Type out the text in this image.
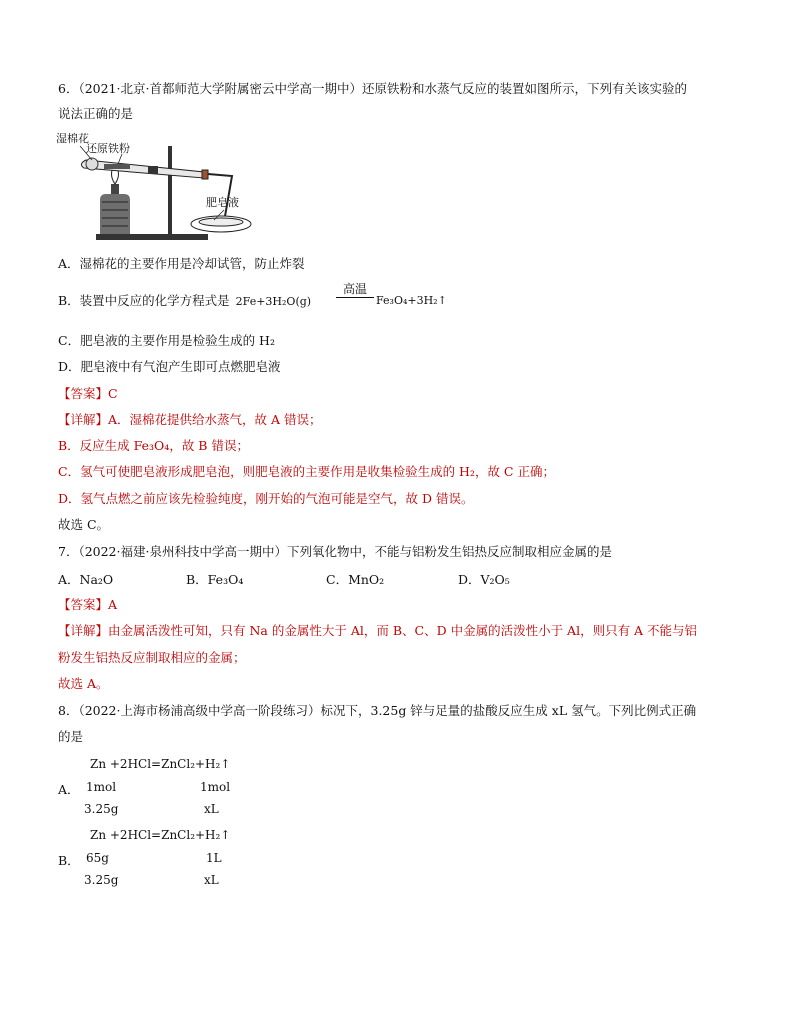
6．（2021·北京·首都师范大学附属密云中学高一期中）还原铁粉和水蒸气反应的装置如图所示，下列有关该实验的
说法正确的是
湿棉花
还原铁粉
肥皂液
A．湿棉花的主要作用是冷却试管，防止炸裂
B．装置中反应的化学方程式是 2Fe+3H₂O(g)
高温
Fe₃O₄+3H₂↑
C．肥皂液的主要作用是检验生成的 H₂
D．肥皂液中有气泡产生即可点燃肥皂液
【答案】C
【详解】A．湿棉花提供给水蒸气，故 A 错误；
B．反应生成 Fe₃O₄，故 B 错误；
C．氢气可使肥皂液形成肥皂泡，则肥皂液的主要作用是收集检验生成的 H₂，故 C 正确；
D．氢气点燃之前应该先检验纯度，刚开始的气泡可能是空气，故 D 错误。
故选 C。
7．（2022·福建·泉州科技中学高一期中）下列氧化物中，不能与铝粉发生铝热反应制取相应金属的是
A．Na₂O	B．Fe₃O₄	C．MnO₂	D．V₂O₅
【答案】A
【详解】由金属活泼性可知，只有 Na 的金属性大于 Al，而 B、C、D 中金属的活泼性小于 Al，则只有 A 不能与铝
粉发生铝热反应制取相应的金属；
故选 A。
8．（2022·上海市杨浦高级中学高一阶段练习）标况下，3.25g 锌与足量的盐酸反应生成 xL 氢气。下列比例式正确
的是
Zn +2HCl=ZnCl₂+H₂↑
A． 1mol	1mol
3.25g	xL
Zn +2HCl=ZnCl₂+H₂↑
B． 65g	1L
3.25g	xL
